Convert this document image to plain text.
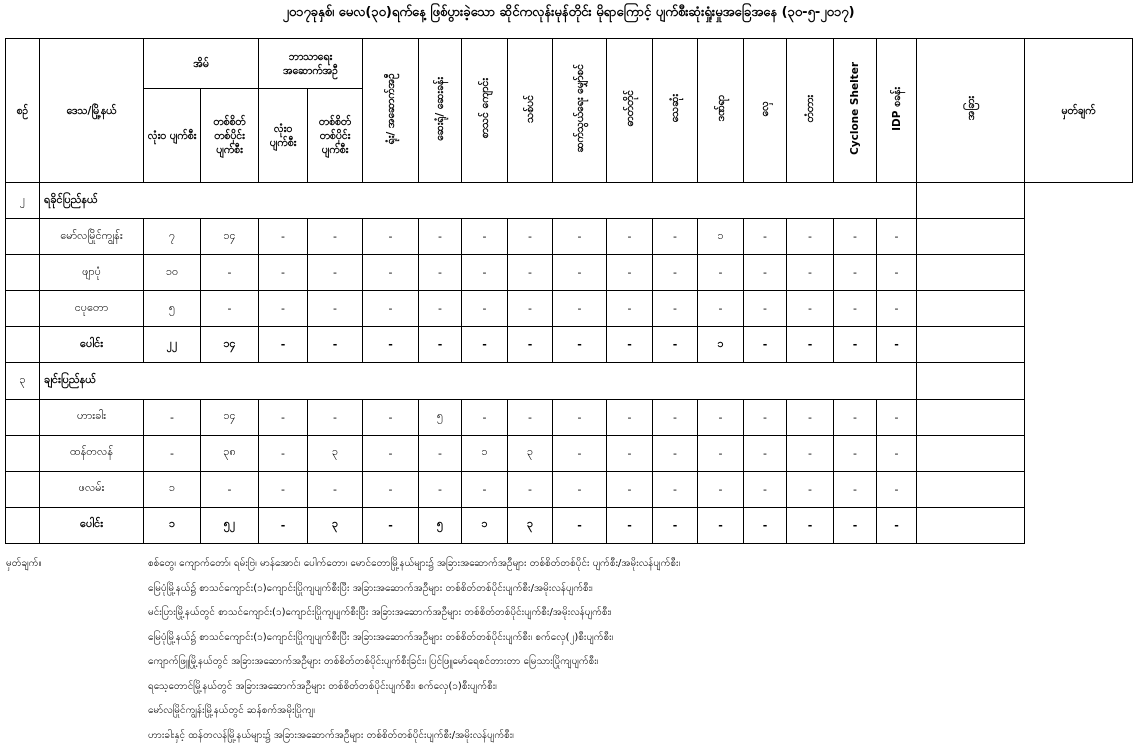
၂၀၁၇ခုနှစ်၊ မေလ(၃၀)ရက်နေ့ ဖြစ်ပွားခဲ့သော ဆိုင်ကလုန်းမုန်တိုင်း မိုရာကြောင့် ပျက်စီးဆုံးရှုံးမှုအခြေအနေ (၃၀-၅-၂၀၁၇)
စဥ်	ဒေသ/မြို့နယ်	အိမ်		ဘာသာရေး အဆောက်အဦ		ရုံး/ အဆောက်အဦ	ဆေးရုံ/ ဆေးခန်း	စာသင် ကျောင်း	သစ်ပင်	ဆက်သွယ်ရေး မျှော်စင်	ဓာတ်တိုင်	သေဆုံး	ဒဏ်ရာ	လှေ	တံတား	Cyclone Shelter	IDP စခန်း	အခြား	မှတ်ချက်
		လုံးဝ ပျက်စီး	တစ်စိတ် တစ်ပိုင်း ပျက်စီး	လုံးဝ ပျက်စီး	တစ်စိတ် တစ်ပိုင်း ပျက်စီး														
၂	ရခိုင်ပြည်နယ်																		
	မော်လမြိုင်ကျွန်း	၇	၁၄	-	-	-	-	-	-	-	-	-	၁	-	-	-	-		
	ဖျာပုံ	၁၀	-	-	-	-	-	-	-	-	-	-	-	-	-	-	-		
	ငပုတော	၅	-	-	-	-	-	-	-	-	-	-	-	-	-	-	-		
	ပေါင်း	၂၂	၁၄	-	-	-	-	-	-	-	-	-	၁	-	-	-	-		
၃	ချင်းပြည်နယ်																		
	ဟားခါး	-	၁၄	-	-	-	၅	-	-	-	-	-	-	-	-	-	-		
	ထန်တလန်	-	၃၈	-	၃	-	-	၁	၃	-	-	-	-	-	-	-	-		
	ဖလမ်း	၁	-	-	-	-	-	-	-	-	-	-	-	-	-	-	-		
	ပေါင်း	၁	၅၂	-	၃	-	၅	၁	၃	-	-	-	-	-	-	-	-		
မှတ်ချက်။	စစ်တွေ၊ ကျောက်တော်၊ ရမ်းဗြဲ၊ မာန်အောင်၊ ပေါက်တော၊ မောင်တောမြို့နယ်များ၌ အခြားအဆောက်အဦများ တစ်စိတ်တစ်ပိုင်း ပျက်စီး/အမိုးလန်ပျက်စီး၊
မြေပုံမြို့နယ်၌ စာသင်ကျောင်း(၁)ကျောင်းပြိုကျပျက်စီးပြီး အခြားအဆောက်အဦများ တစ်စိတ်တစ်ပိုင်းပျက်စီး/အမိုးလန်ပျက်စီး၊
မင်းပြားမြို့နယ်တွင် စာသင်ကျောင်း(၁)ကျောင်းပြိုကျပျက်စီးပြီး အခြားအဆောက်အဦများ တစ်စိတ်တစ်ပိုင်းပျက်စီး/အမိုးလန်ပျက်စီး၊
မြေပုံမြို့နယ်၌ စာသင်ကျောင်း(၁)ကျောင်းပြိုကျပျက်စီးပြီး အခြားအဆောက်အဦများ တစ်စိတ်တစ်ပိုင်းပျက်စီး၊ စက်လှေ(၂)စီးပျက်စီး၊
ကျောက်ဖြူမြို့နယ်တွင် အခြားအဆောက်အဦများ တစ်စိတ်တစ်ပိုင်းပျက်စီးခြင်း၊ ပြင်ဖြူမော်ရေစင်တားတာ မြေသားပြိုကျပျက်စီး၊
ရသေ့တောင်မြို့နယ်တွင် အခြားအဆောက်အဦများ တစ်စိတ်တစ်ပိုင်းပျက်စီး၊ စက်လှေ(၁)စီးပျက်စီး၊
မော်လမြိုင်ကျွန်းမြို့နယ်တွင် ဆန်စက်အမိုးပြိုကျ၊
ဟားခါးနှင့် ထန်တလန်မြို့နယ်များ၌ အခြားအဆောက်အဦများ တစ်စိတ်တစ်ပိုင်းပျက်စီး/အမိုးလန်ပျက်စီး၊
